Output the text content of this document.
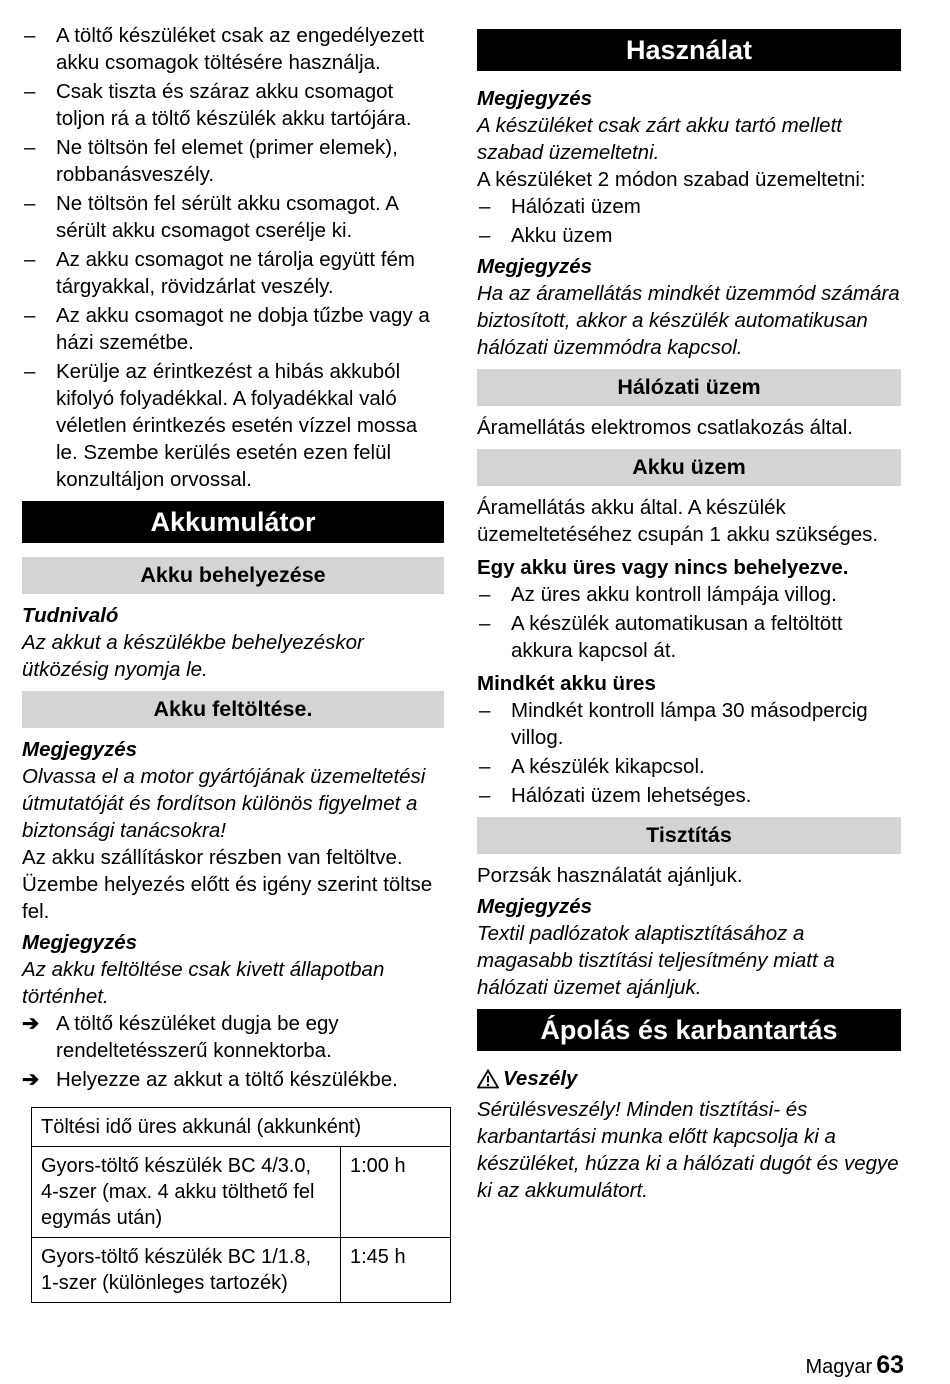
– A töltő készüléket csak az engedélyezett akku csomagok töltésére használja.
– Csak tiszta és száraz akku csomagot toljon rá a töltő készülék akku tartójára.
– Ne töltsön fel elemet (primer elemek), robbanásveszély.
– Ne töltsön fel sérült akku csomagot. A sérült akku csomagot cserélje ki.
– Az akku csomagot ne tárolja együtt fém tárgyakkal, rövidzárlat veszély.
– Az akku csomagot ne dobja tűzbe vagy a házi szemétbe.
– Kerülje az érintkezést a hibás akkuból kifolyó folyadékkal. A folyadékkal való véletlen érintkezés esetén vízzel mossa le. Szembe kerülés esetén ezen felül konzultáljon orvossal.
Akkumulátor
Akku behelyezése
Tudnivaló

Az akkut a készülékbe behelyezéskor ütközésig nyomja le.

Akku feltöltése.
Megjegyzés

Olvassa el a motor gyártójának üzemeltetési útmutatóját és fordítson különös figyelmet a biztonsági tanácsokra!

Az akku szállításkor részben van feltöltve. Üzembe helyezés előtt és igény szerint töltse fel.

Megjegyzés

Az akku feltöltése csak kivett állapotban történhet.

➔ A töltő készüléket dugja be egy rendeltetésszerű konnektorba.
➔ Helyezze az akkut a töltő készülékbe.
Töltési idő üres akkunál (akkunként)	
Gyors-töltő készülék BC 4/3.0, 4-szer (max. 4 akku tölthető fel egymás után)	1:00 h
Gyors-töltő készülék BC 1/1.8, 1-szer (különleges tartozék)	1:45 h
Használat
Megjegyzés

A készüléket csak zárt akku tartó mellett szabad üzemeltetni.

A készüléket 2 módon szabad üzemeltetni:

– Hálózati üzem
– Akku üzem
Megjegyzés

Ha az áramellátás mindkét üzemmód számára biztosított, akkor a készülék automatikusan hálózati üzemmódra kapcsol.

Hálózati üzem

Áramellátás elektromos csatlakozás által.

Akku üzem

Áramellátás akku által. A készülék üzemeltetéséhez csupán 1 akku szükséges.

Egy akku üres vagy nincs behelyezve.
– Az üres akku kontroll lámpája villog.
– A készülék automatikusan a feltöltött akkura kapcsol át.
Mindkét akku üres
– Mindkét kontroll lámpa 30 másodpercig villog.
– A készülék kikapcsol.
– Hálózati üzem lehetséges.
Tisztítás

Porzsák használatát ajánljuk.

Megjegyzés

Textil padlózatok alaptisztításához a magasabb tisztítási teljesítmény miatt a hálózati üzemet ajánljuk.

Ápolás és karbantartás
Veszély

Sérülésveszély! Minden tisztítási- és karbantartási munka előtt kapcsolja ki a készüléket, húzza ki a hálózati dugót és vegye ki az akkumulátort.

Magyar 63
